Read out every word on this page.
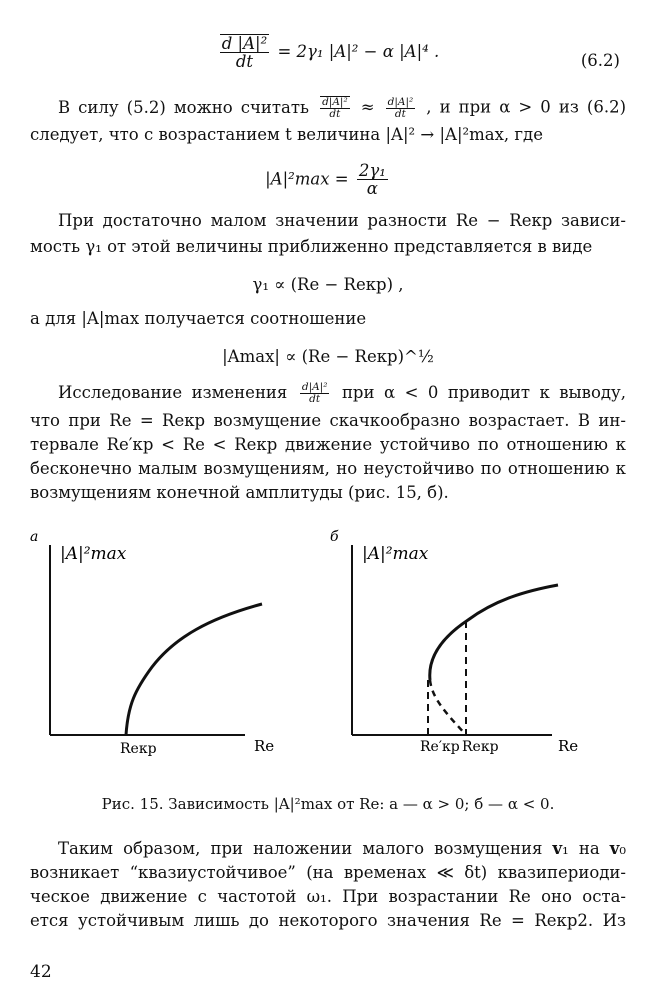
$\frac{\text{d |A|²}}{dt} = 2\gamma_1$ |A|² − α |A|⁴ .	(6.2)
В силу (5.2) можно считать $\frac{\text{d|A|²}}{dt} \approx \frac{\text{d|A|²}}{dt}$ , и при α > 0 из (6.2)
следует, что с возрастанием t величина |A|² → |A|²max, где
$|A|^2\max = \frac{\text{2γ₁}}{\alpha}$
При достаточно малом значении разности Re − Reкр зависи-
мость γ₁ от этой величины приближенно представляется в виде
γ₁ ∝ (Re − Reкр) ,
а для |A|max получается соотношение
|Amax| ∝ (Re − Reкр)^½
Исследование изменения $\frac{\text{d|A|²}}{dt}$ при α < 0 приводит к выводу,
что при Re = Reкр возмущение скачкообразно возрастает. В ин-
тервале Re′кр < Re < Reкр движение устойчиво по отношению к
бесконечно малым возмущениям, но неустойчиво по отношению к
возмущениям конечной амплитуды (рис. 15, б).
а
|A|²max
Reкр	Re
б
|A|²max
Re′кр Reкр	Re
Рис. 15. Зависимость |A|²max от Re: а — α > 0; б — α < 0.
Таким образом, при наложении малого возмущения v₁ на v₀
возникает “квазиустойчивое” (на временах ≪ δt) квазипериоди-
ческое движение с частотой ω₁. При возрастании Re оно оста-
ется устойчивым лишь до некоторого значения Re = Reкр2. Из
42
